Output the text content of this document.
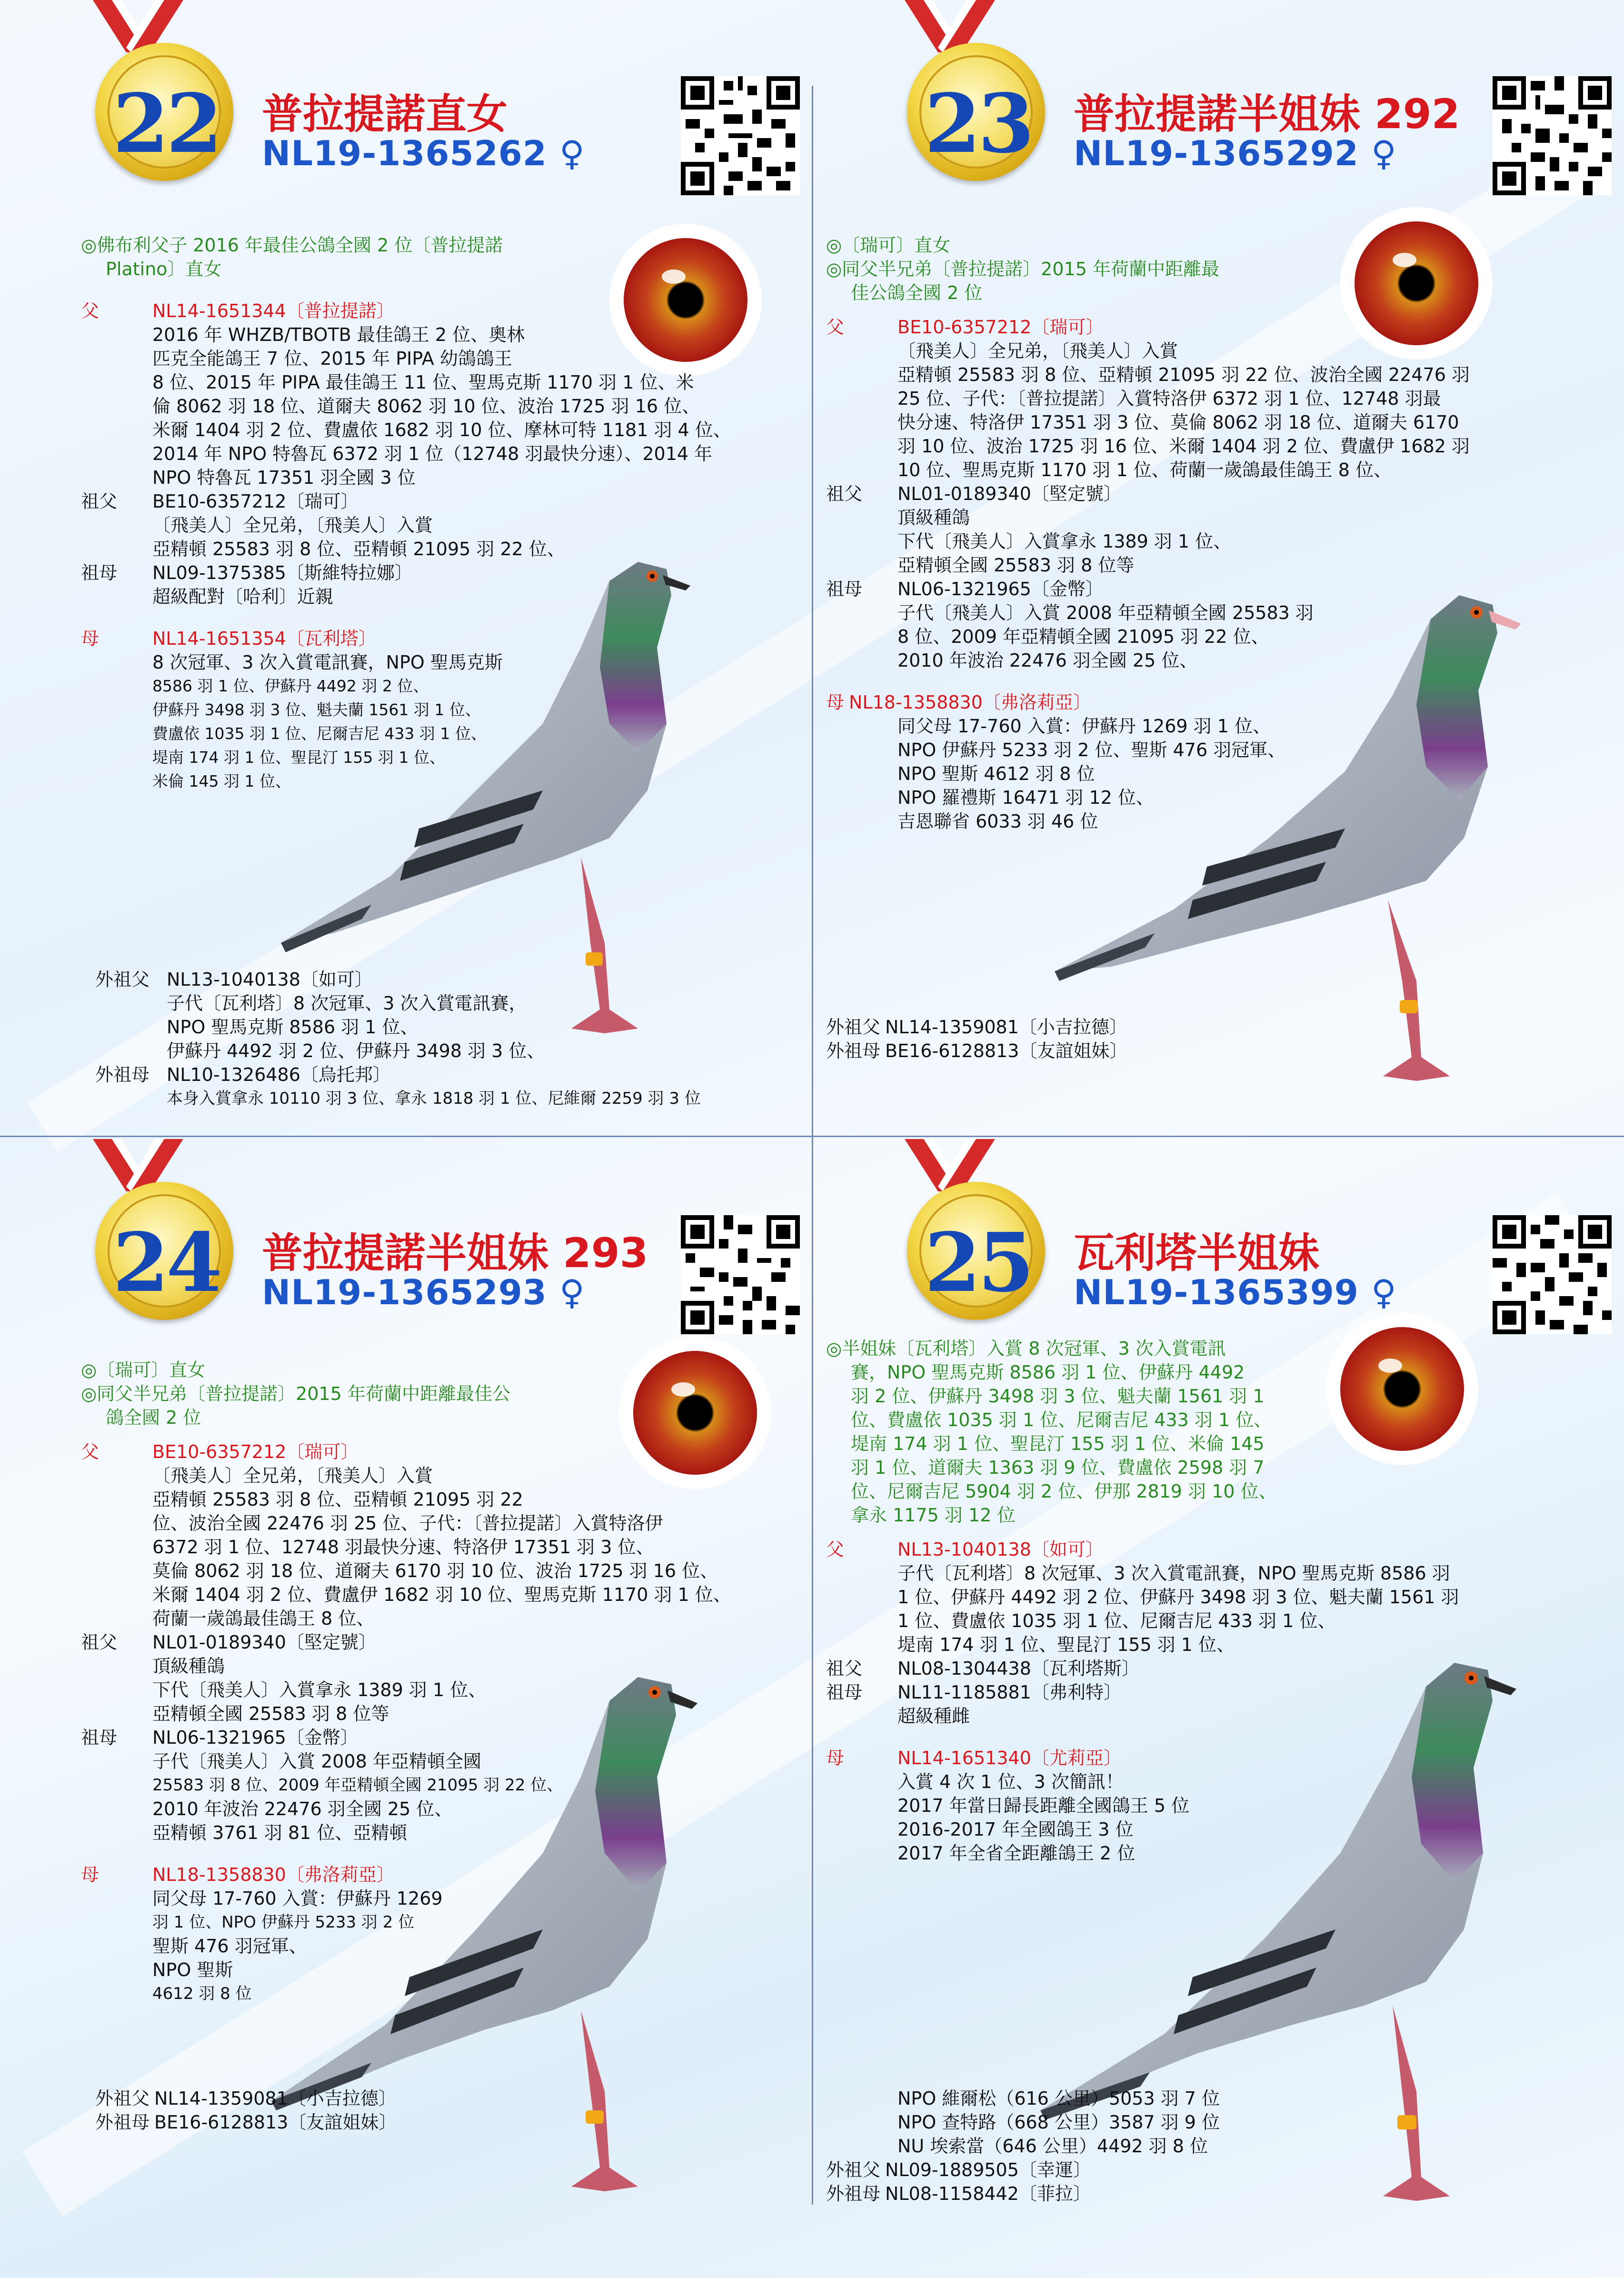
22 普拉提諾直女
NL19-1365262 ♀
◎佛布利父子 2016 年最佳公鴿全國 2 位〔普拉提諾
Platino〕直女
父	NL14-1651344〔普拉提諾〕
2016 年 WHZB/TBOTB 最佳鴿王 2 位、奧林
匹克全能鴿王 7 位、2015 年 PIPA 幼鴿鴿王
8 位、2015 年 PIPA 最佳鴿王 11 位、聖馬克斯 1170 羽 1 位、米
倫 8062 羽 18 位、道爾夫 8062 羽 10 位、波治 1725 羽 16 位、
米爾 1404 羽 2 位、費盧依 1682 羽 10 位、摩林可特 1181 羽 4 位、
2014 年 NPO 特魯瓦 6372 羽 1 位（12748 羽最快分速）、2014 年
NPO 特魯瓦 17351 羽全國 3 位
祖父	BE10-6357212〔瑞可〕
〔飛美人〕全兄弟，〔飛美人〕入賞
亞精頓 25583 羽 8 位、亞精頓 21095 羽 22 位、
祖母	NL09-1375385〔斯維特拉娜〕
超級配對〔哈利〕近親
母	NL14-1651354〔瓦利塔〕
8 次冠軍、3 次入賞電訊賽，NPO 聖馬克斯
8586 羽 1 位、伊蘇丹 4492 羽 2 位、
伊蘇丹 3498 羽 3 位、魁夫蘭 1561 羽 1 位、
費盧依 1035 羽 1 位、尼爾吉尼 433 羽 1 位、
堤南 174 羽 1 位、聖昆汀 155 羽 1 位、
米倫 145 羽 1 位、
外祖父 NL13-1040138〔如可〕
子代〔瓦利塔〕8 次冠軍、3 次入賞電訊賽，
NPO 聖馬克斯 8586 羽 1 位、
伊蘇丹 4492 羽 2 位、伊蘇丹 3498 羽 3 位、
外祖母 NL10-1326486〔烏托邦〕
本身入賞拿永 10110 羽 3 位、拿永 1818 羽 1 位、尼維爾 2259 羽 3 位
23 普拉提諾半姐妹 292
NL19-1365292 ♀
◎〔瑞可〕直女
◎同父半兄弟〔普拉提諾〕2015 年荷蘭中距離最
佳公鴿全國 2 位
父	BE10-6357212〔瑞可〕
〔飛美人〕全兄弟，〔飛美人〕入賞
亞精頓 25583 羽 8 位、亞精頓 21095 羽 22 位、波治全國 22476 羽
25 位、子代：〔普拉提諾〕入賞特洛伊 6372 羽 1 位、12748 羽最
快分速、特洛伊 17351 羽 3 位、莫倫 8062 羽 18 位、道爾夫 6170
羽 10 位、波治 1725 羽 16 位、米爾 1404 羽 2 位、費盧伊 1682 羽
10 位、聖馬克斯 1170 羽 1 位、荷蘭一歲鴿最佳鴿王 8 位、
祖父	NL01-0189340〔堅定號〕
頂級種鴿
下代〔飛美人〕入賞拿永 1389 羽 1 位、
亞精頓全國 25583 羽 8 位等
祖母	NL06-1321965〔金幣〕
子代〔飛美人〕入賞 2008 年亞精頓全國 25583 羽
8 位、2009 年亞精頓全國 21095 羽 22 位、
2010 年波治 22476 羽全國 25 位、
母 NL18-1358830〔弗洛莉亞〕
同父母 17-760 入賞：伊蘇丹 1269 羽 1 位、
NPO 伊蘇丹 5233 羽 2 位、聖斯 476 羽冠軍、
NPO 聖斯 4612 羽 8 位
NPO 羅禮斯 16471 羽 12 位、
吉恩聯省 6033 羽 46 位
外祖父 NL14-1359081〔小吉拉德〕
外祖母 BE16-6128813〔友誼姐妹〕
24 普拉提諾半姐妹 293
NL19-1365293 ♀
◎〔瑞可〕直女
◎同父半兄弟〔普拉提諾〕2015 年荷蘭中距離最佳公
鴿全國 2 位
父	BE10-6357212〔瑞可〕
〔飛美人〕全兄弟，〔飛美人〕入賞
亞精頓 25583 羽 8 位、亞精頓 21095 羽 22
位、波治全國 22476 羽 25 位、子代：〔普拉提諾〕入賞特洛伊
6372 羽 1 位、12748 羽最快分速、特洛伊 17351 羽 3 位、
莫倫 8062 羽 18 位、道爾夫 6170 羽 10 位、波治 1725 羽 16 位、
米爾 1404 羽 2 位、費盧伊 1682 羽 10 位、聖馬克斯 1170 羽 1 位、
荷蘭一歲鴿最佳鴿王 8 位、
祖父	NL01-0189340〔堅定號〕
頂級種鴿
下代〔飛美人〕入賞拿永 1389 羽 1 位、
亞精頓全國 25583 羽 8 位等
祖母	NL06-1321965〔金幣〕
子代〔飛美人〕入賞 2008 年亞精頓全國
25583 羽 8 位、2009 年亞精頓全國 21095 羽 22 位、
2010 年波治 22476 羽全國 25 位、
亞精頓 3761 羽 81 位、亞精頓
母	NL18-1358830〔弗洛莉亞〕
同父母 17-760 入賞：伊蘇丹 1269
羽 1 位、NPO 伊蘇丹 5233 羽 2 位
聖斯 476 羽冠軍、
NPO 聖斯
4612 羽 8 位
外祖父 NL14-1359081〔小吉拉德〕
外祖母 BE16-6128813〔友誼姐妹〕
25 瓦利塔半姐妹
NL19-1365399 ♀
◎半姐妹〔瓦利塔〕入賞 8 次冠軍、3 次入賞電訊
賽，NPO 聖馬克斯 8586 羽 1 位、伊蘇丹 4492
羽 2 位、伊蘇丹 3498 羽 3 位、魁夫蘭 1561 羽 1
位、費盧依 1035 羽 1 位、尼爾吉尼 433 羽 1 位、
堤南 174 羽 1 位、聖昆汀 155 羽 1 位、米倫 145
羽 1 位、道爾夫 1363 羽 9 位、費盧依 2598 羽 7
位、尼爾吉尼 5904 羽 2 位、伊那 2819 羽 10 位、
拿永 1175 羽 12 位
父	NL13-1040138〔如可〕
子代〔瓦利塔〕8 次冠軍、3 次入賞電訊賽，NPO 聖馬克斯 8586 羽
1 位、伊蘇丹 4492 羽 2 位、伊蘇丹 3498 羽 3 位、魁夫蘭 1561 羽
1 位、費盧依 1035 羽 1 位、尼爾吉尼 433 羽 1 位、
堤南 174 羽 1 位、聖昆汀 155 羽 1 位、
祖父	NL08-1304438〔瓦利塔斯〕
祖母	NL11-1185881〔弗利特〕
超級種雌
母	NL14-1651340〔尤莉亞〕
入賞 4 次 1 位、3 次簡訊！
2017 年當日歸長距離全國鴿王 5 位
2016-2017 年全國鴿王 3 位
2017 年全省全距離鴿王 2 位
NPO 維爾松（616 公里）5053 羽 7 位
NPO 查特路（668 公里）3587 羽 9 位
NU 埃索當（646 公里）4492 羽 8 位
外祖父 NL09-1889505〔幸運〕
外祖母 NL08-1158442〔菲拉〕
